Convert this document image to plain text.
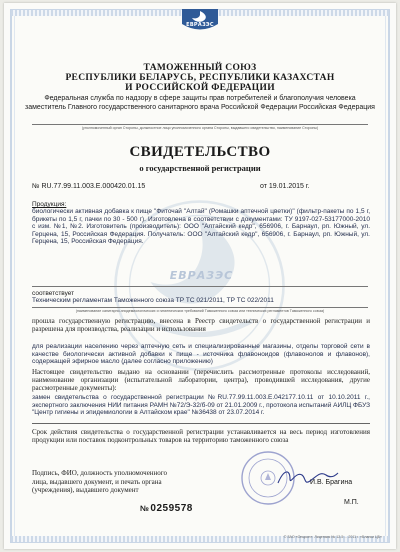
ЕВРАЗЭС
ЕВРАЗЭС
ТАМОЖЕННЫЙ СОЮЗ
РЕСПУБЛИКИ БЕЛАРУСЬ, РЕСПУБЛИКИ КАЗАХСТАН
И РОССИЙСКОЙ ФЕДЕРАЦИИ
Федеральная служба по надзору в сфере защиты прав потребителей и благополучия человека заместитель Главного государственного санитарного врача Российской Федерации Российская Федерация
(уполномоченный орган Стороны, должностное лицо уполномоченного органа Стороны, выдавшего свидетельство, наименование Стороны)
СВИДЕТЕЛЬСТВО
о государственной регистрации
№ RU.77.99.11.003.Е.000420.01.15	от 19.01.2015 г.
Продукция:
биологически активная добавка к пище "Фиточай "Алтай" (Ромашки аптечной цветки)" (фильтр-пакеты по 1,5 г, брикеты по 1,5 г, пачки по 30 - 500 г). Изготовлена в соответствии с документами: ТУ 9197-027-53177000-2010 с изм. №1, №2. Изготовитель (производитель): ООО "Алтайский кедр", 656906, г. Барнаул, рп. Южный, ул. Герцена, 15, Российская Федерация. Получатель: ООО "Алтайский кедр", 656906, г. Барнаул, рп. Южный, ул. Герцена, 15, Российская Федерация.
соответствует
Техническим регламентам Таможенного союза ТР ТС 021/2011, ТР ТС 022/2011
(наименование санитарно-эпидемиологических и гигиенических требований Таможенного союза или технических регламентов Таможенного союза)
прошла государственную регистрацию, внесена в Реестр свидетельств о государственной регистрации и разрешена для производства, реализации и использования
для реализации населению через аптечную сеть и специализированные магазины, отделы торговой сети в качестве биологически активной добавки к пище - источника флавоноидов (флавонолов и флавонов), содержащей эфирное масло (далее согласно приложению)
Настоящее свидетельство выдано на основании (перечислить рассмотренные протоколы исследований, наименование организации (испытательной лаборатории, центра), проводившей исследования, другие рассмотренные документы):
замен свидетельства о государственной регистрации №RU.77.99.11.003.Е.042177.10.11 от 10.10.2011 г., экспертного заключения НИИ питания РАМН №72/Э-32/б-09 от 21.01.2009 г., протокола испытаний АИЛЦ ФБУЗ "Центр гигиены и эпидемиологии в Алтайском крае" №36438 от 23.07.2014 г.
Срок действия свидетельства о государственной регистрации устанавливается на весь период изготовления продукции или поставок подконтрольных товаров на территорию таможенного союза
Подпись, ФИО, должность уполномоченного лица, выдавшего документ, и печать органа (учреждения), выдавшего документ
И.В. Брагина
М.П.
№0259578
© ЗАО «Опцион». Лицензия № 12-5 ... 2011 г. «Бланки ЦБ»
